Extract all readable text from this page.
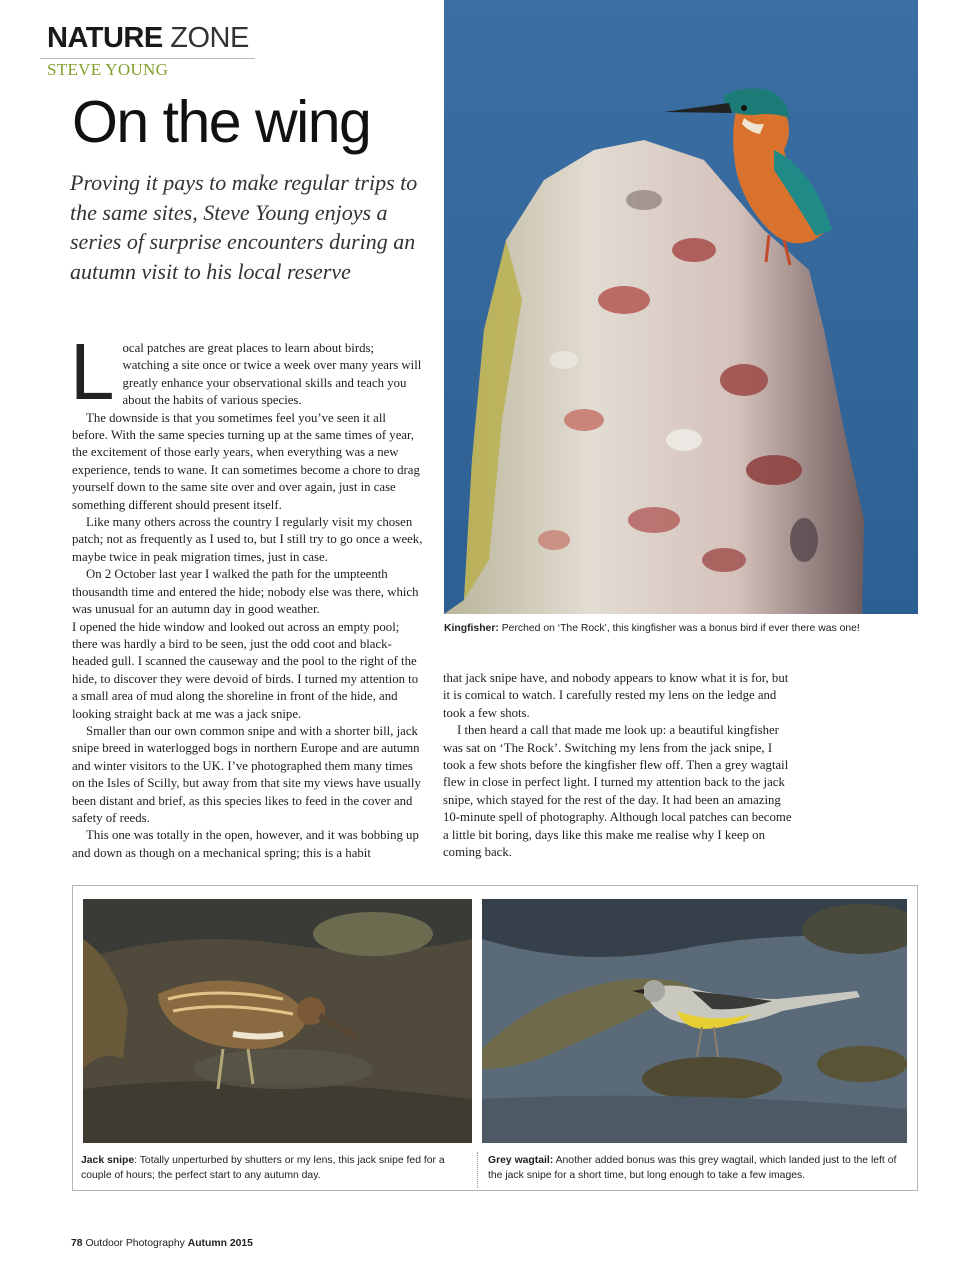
NATURE ZONE
STEVE YOUNG
On the wing
Proving it pays to make regular trips to the same sites, Steve Young enjoys a series of surprise encounters during an autumn visit to his local reserve
L ocal patches are great places to learn about birds; watching a site once or twice a week over many years will greatly enhance your observational skills and teach you about the habits of various species.

The downside is that you sometimes feel you’ve seen it all before. With the same species turning up at the same times of year, the excitement of those early years, when everything was a new experience, tends to wane. It can sometimes become a chore to drag yourself down to the same site over and over again, just in case something different should present itself.

Like many others across the country I regularly visit my chosen patch; not as frequently as I used to, but I still try to go once a week, maybe twice in peak migration times, just in case.

On 2 October last year I walked the path for the umpteenth thousandth time and entered the hide; nobody else was there, which was unusual for an autumn day in good weather.

I opened the hide window and looked out across an empty pool; there was hardly a bird to be seen, just the odd coot and black-headed gull. I scanned the causeway and the pool to the right of the hide, to discover they were devoid of birds. I turned my attention to a small area of mud along the shoreline in front of the hide, and looking straight back at me was a jack snipe.

Smaller than our own common snipe and with a shorter bill, jack snipe breed in waterlogged bogs in northern Europe and are autumn and winter visitors to the UK. I’ve photographed them many times on the Isles of Scilly, but away from that site my views have usually been distant and brief, as this species likes to feed in the cover and safety of reeds.

This one was totally in the open, however, and it was bobbing up and down as though on a mechanical spring; this is a habit

Kingfisher: Perched on ‘The Rock’, this kingfisher was a bonus bird if ever there was one!

that jack snipe have, and nobody appears to know what it is for, but it is comical to watch. I carefully rested my lens on the ledge and took a few shots.

I then heard a call that made me look up: a beautiful kingfisher was sat on ‘The Rock’. Switching my lens from the jack snipe, I took a few shots before the kingfisher flew off. Then a grey wagtail flew in close in perfect light. I turned my attention back to the jack snipe, which stayed for the rest of the day. It had been an amazing 10-minute spell of photography. Although local patches can become a little bit boring, days like this make me realise why I keep on coming back.

Jack snipe: Totally unperturbed by shutters or my lens, this jack snipe fed for a couple of hours; the perfect start to any autumn day.
Grey wagtail: Another added bonus was this grey wagtail, which landed just to the left of the jack snipe for a short time, but long enough to take a few images.
78 Outdoor Photography Autumn 2015
